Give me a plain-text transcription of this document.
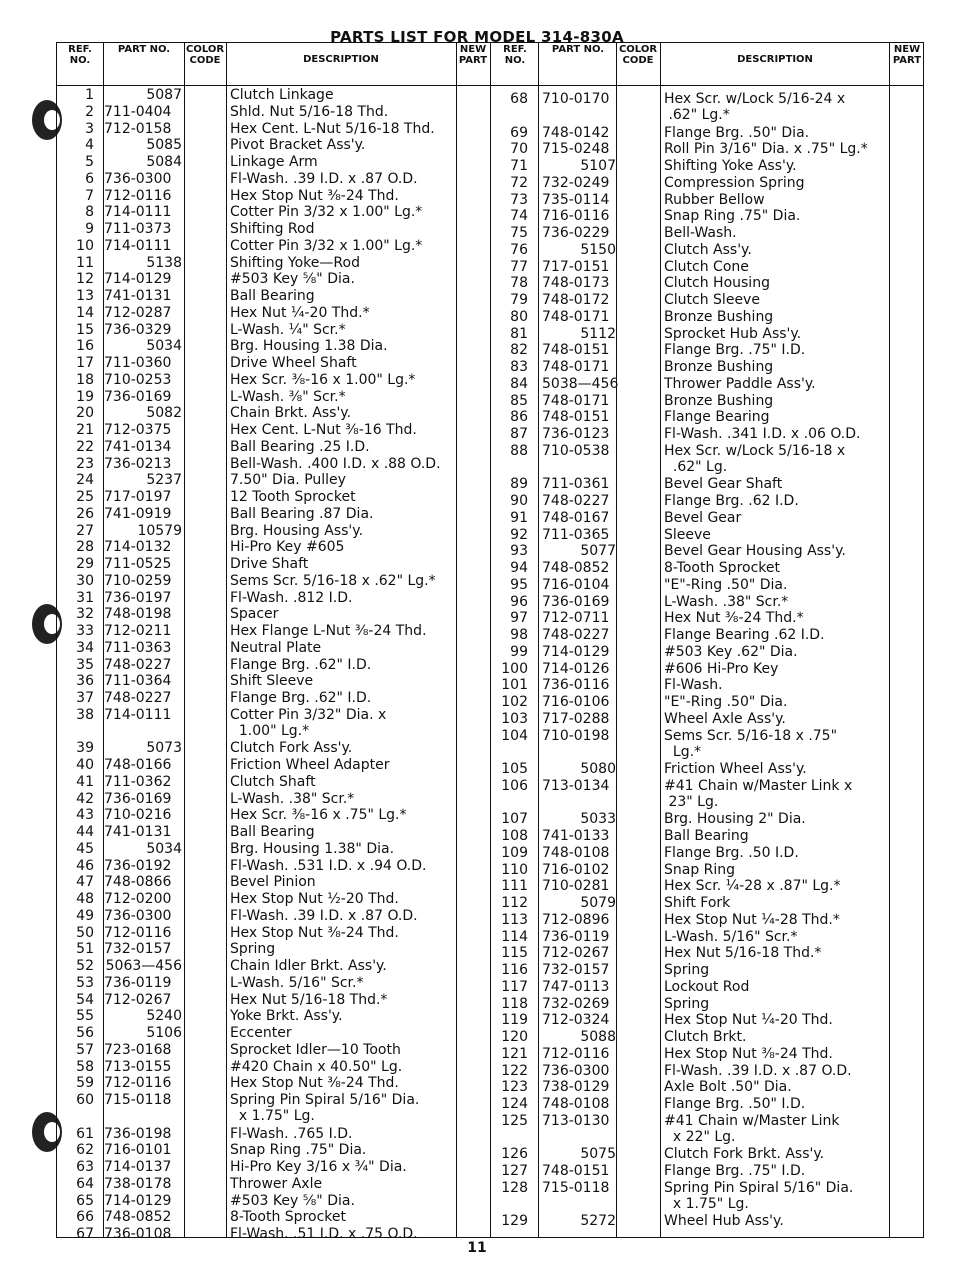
PARTS LIST FOR MODEL 314-830A
REF. NO.
PART NO.	COLOR CODE	DESCRIPTION
NEW PART
REF. NO.
PART NO.	COLOR CODE	DESCRIPTION
NEW PART
1	5087	Clutch Linkage
2 711-0404	Shld. Nut 5/16-18 Thd.
3 712-0158	Hex Cent. L-Nut 5/16-18 Thd.
4	5085	Pivot Bracket Ass'y.
5	5084	Linkage Arm
6 736-0300	Fl-Wash. .39 I.D. x .87 O.D.
7 712-0116	Hex Stop Nut ⅜-24 Thd.
8 714-0111	Cotter Pin 3/32 x 1.00" Lg.*
9 711-0373	Shifting Rod
10 714-0111	Cotter Pin 3/32 x 1.00" Lg.*
11	5138	Shifting Yoke—Rod
12 714-0129	#503 Key ⅝" Dia.
13 741-0131	Ball Bearing
14 712-0287	Hex Nut ¼-20 Thd.*
15 736-0329	L-Wash. ¼" Scr.*
16	5034	Brg. Housing 1.38 Dia.
17 711-0360	Drive Wheel Shaft
18 710-0253	Hex Scr. ⅜-16 x 1.00" Lg.*
19 736-0169	L-Wash. ⅜" Scr.*
20	5082	Chain Brkt. Ass'y.
21 712-0375	Hex Cent. L-Nut ⅜-16 Thd.
22 741-0134	Ball Bearing .25 I.D.
23 736-0213	Bell-Wash. .400 I.D. x .88 O.D.
24	5237	7.50" Dia. Pulley
25 717-0197	12 Tooth Sprocket
26 741-0919	Ball Bearing .87 Dia.
27	10579	Brg. Housing Ass'y.
28 714-0132	Hi-Pro Key #605
29 711-0525	Drive Shaft
30 710-0259	Sems Scr. 5/16-18 x .62" Lg.*
31 736-0197	Fl-Wash. .812 I.D.
32 748-0198	Spacer
33 712-0211	Hex Flange L-Nut ⅜-24 Thd.
34 711-0363	Neutral Plate
35 748-0227	Flange Brg. .62" I.D.
36 711-0364	Shift Sleeve
37 748-0227	Flange Brg. .62" I.D.
38 714-0111	Cotter Pin 3/32" Dia. x
1.00" Lg.*
39	5073	Clutch Fork Ass'y.
40 748-0166	Friction Wheel Adapter
41 711-0362	Clutch Shaft
42 736-0169	L-Wash. .38" Scr.*
43 710-0216	Hex Scr. ⅜-16 x .75" Lg.*
44 741-0131	Ball Bearing
45	5034	Brg. Housing 1.38" Dia.
46 736-0192	Fl-Wash. .531 I.D. x .94 O.D.
47 748-0866	Bevel Pinion
48 712-0200	Hex Stop Nut ½-20 Thd.
49 736-0300	Fl-Wash. .39 I.D. x .87 O.D.
50 712-0116	Hex Stop Nut ⅜-24 Thd.
51 732-0157	Spring
52 5063—456	Chain Idler Brkt. Ass'y.
53 736-0119	L-Wash. 5/16" Scr.*
54 712-0267	Hex Nut 5/16-18 Thd.*
55	5240	Yoke Brkt. Ass'y.
56	5106	Eccenter
57 723-0168	Sprocket Idler—10 Tooth
58 713-0155	#420 Chain x 40.50" Lg.
59 712-0116	Hex Stop Nut ⅜-24 Thd.
60 715-0118	Spring Pin Spiral 5/16" Dia.
x 1.75" Lg.
61 736-0198	Fl-Wash. .765 I.D.
62 716-0101	Snap Ring .75" Dia.
63 714-0137	Hi-Pro Key 3/16 x ¾" Dia.
64 738-0178	Thrower Axle
65 714-0129	#503 Key ⅝" Dia.
66 748-0852	8-Tooth Sprocket
67 736-0108	Fl-Wash. .51 I.D. x .75 O.D.
68 710-0170	Hex Scr. w/Lock 5/16-24 x
.62" Lg.*
69 748-0142	Flange Brg. .50" Dia.
70 715-0248	Roll Pin 3/16" Dia. x .75" Lg.*
71	5107	Shifting Yoke Ass'y.
72 732-0249	Compression Spring
73 735-0114	Rubber Bellow
74 716-0116	Snap Ring .75" Dia.
75 736-0229	Bell-Wash.
76	5150	Clutch Ass'y.
77 717-0151	Clutch Cone
78 748-0173	Clutch Housing
79 748-0172	Clutch Sleeve
80 748-0171	Bronze Bushing
81	5112	Sprocket Hub Ass'y.
82 748-0151	Flange Brg. .75" I.D.
83 748-0171	Bronze Bushing
84 5038—456	Thrower Paddle Ass'y.
85 748-0171	Bronze Bushing
86 748-0151	Flange Bearing
87 736-0123	Fl-Wash. .341 I.D. x .06 O.D.
88 710-0538	Hex Scr. w/Lock 5/16-18 x
.62" Lg.
89 711-0361	Bevel Gear Shaft
90 748-0227	Flange Brg. .62 I.D.
91 748-0167	Bevel Gear
92 711-0365	Sleeve
93	5077	Bevel Gear Housing Ass'y.
94 748-0852	8-Tooth Sprocket
95 716-0104	"E"-Ring .50" Dia.
96 736-0169	L-Wash. .38" Scr.*
97 712-0711	Hex Nut ⅜-24 Thd.*
98 748-0227	Flange Bearing .62 I.D.
99 714-0129	#503 Key .62" Dia.
100 714-0126	#606 Hi-Pro Key
101 736-0116	Fl-Wash.
102 716-0106	"E"-Ring .50" Dia.
103 717-0288	Wheel Axle Ass'y.
104 710-0198	Sems Scr. 5/16-18 x .75"
Lg.*
105	5080	Friction Wheel Ass'y.
106 713-0134	#41 Chain w/Master Link x
23" Lg.
107	5033	Brg. Housing 2" Dia.
108 741-0133	Ball Bearing
109 748-0108	Flange Brg. .50 I.D.
110 716-0102	Snap Ring
111 710-0281	Hex Scr. ¼-28 x .87" Lg.*
112	5079	Shift Fork
113 712-0896	Hex Stop Nut ¼-28 Thd.*
114 736-0119	L-Wash. 5/16" Scr.*
115 712-0267	Hex Nut 5/16-18 Thd.*
116 732-0157	Spring
117 747-0113	Lockout Rod
118 732-0269	Spring
119 712-0324	Hex Stop Nut ¼-20 Thd.
120	5088	Clutch Brkt.
121 712-0116	Hex Stop Nut ⅜-24 Thd.
122 736-0300	Fl-Wash. .39 I.D. x .87 O.D.
123 738-0129	Axle Bolt .50" Dia.
124 748-0108	Flange Brg. .50" I.D.
125 713-0130	#41 Chain w/Master Link
x 22" Lg.
126	5075	Clutch Fork Brkt. Ass'y.
127 748-0151	Flange Brg. .75" I.D.
128 715-0118	Spring Pin Spiral 5/16" Dia.
x 1.75" Lg.
129	5272	Wheel Hub Ass'y.
11
